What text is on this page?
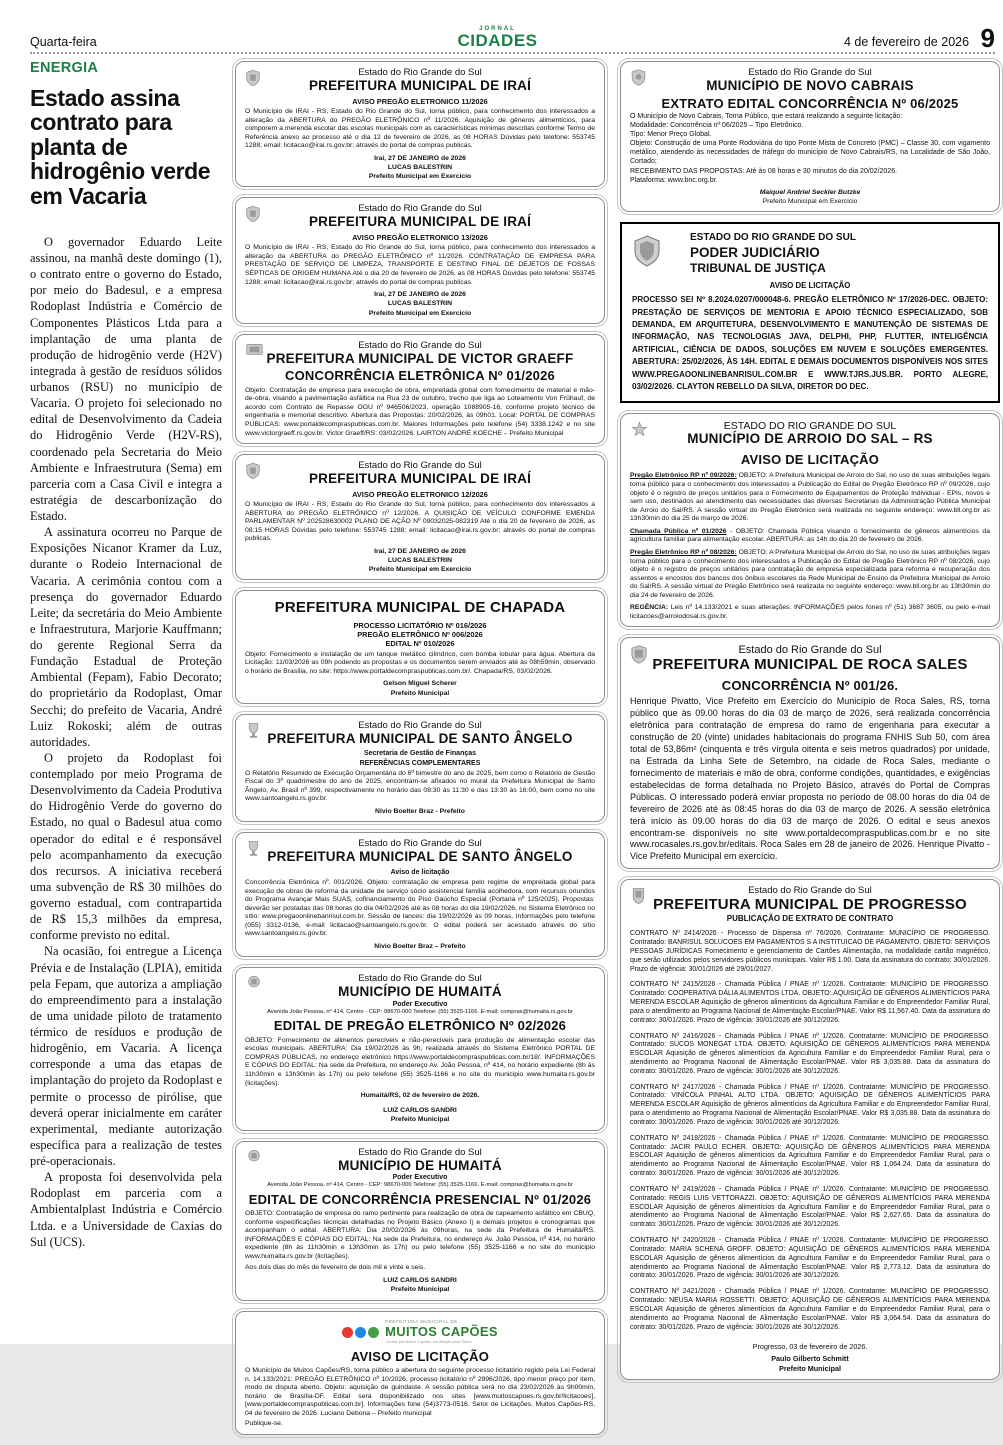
Quarta-feira
JORNAL
CIDADES	4 de fevereiro de 2026 9
ENERGIA
Estado assina contrato para planta de hidrogênio verde em Vacaria

O governador Eduardo Leite assinou, na manhã deste domingo (1), o contrato entre o governo do Estado, por meio do Badesul, e a empresa Rodoplast Indústria e Comércio de Componentes Plásticos Ltda para a implantação de uma planta de produção de hidrogênio verde (H2V) integrada à gestão de resíduos sólidos urbanos (RSU) no município de Vacaria. O projeto foi selecionado no edital de Desenvolvimento da Cadeia do Hidrogênio Verde (H2V-RS), coordenado pela Secretaria do Meio Ambiente e Infraestrutura (Sema) em parceria com a Casa Civil e integra a estratégia de descarbonização do Estado.

A assinatura ocorreu no Parque de Exposições Nicanor Kramer da Luz, durante o Rodeio Internacional de Vacaria. A cerimônia contou com a presença do governador Eduardo Leite; da secretária do Meio Ambiente e Infraestrutura, Marjorie Kauffmann; do gerente Regional Serra da Fundação Estadual de Proteção Ambiental (Fepam), Fabio Decorato; do proprietário da Rodoplast, Omar Secchi; do prefeito de Vacaria, André Luiz Rokoski; além de outras autoridades.

O projeto da Rodoplast foi contemplado por meio Programa de Desenvolvimento da Cadeia Produtiva do Hidrogênio Verde do governo do Estado, no qual o Badesul atua como operador do edital e é responsável pelo acompanhamento da execução dos recursos. A iniciativa receberá uma subvenção de R$ 30 milhões do governo estadual, com contrapartida de R$ 15,3 milhões da empresa, conforme previsto no edital.

Na ocasião, foi entregue a Licença Prévia e de Instalação (LPIA), emitida pela Fepam, que autoriza a ampliação do empreendimento para a instalação de uma unidade piloto de tratamento térmico de resíduos e produção de hidrogênio, em Vacaria. A licença corresponde a uma das etapas de implantação do projeto da Rodoplast e permite o processo de pirólise, que deverá operar inicialmente em caráter experimental, mediante autorização específica para a realização de testes pré-operacionais.

A proposta foi desenvolvida pela Rodoplast em parceria com a Ambientalplast Indústria e Comércio Ltda. e a Universidade de Caxias do Sul (UCS).

Estado do Rio Grande do Sul
PREFEITURA MUNICIPAL DE IRAÍ
AVISO PREGÃO ELETRONICO 11/2026
O Município de IRAI - RS, Estado do Rio Grande do Sul, torna público, para conhecimento dos interessados a alteração da ABERTURA do PREGÃO ELETRÔNICO nº 11/2026. Aquisição de gêneros alimentícios, para comporem a merenda escolar das escolas municipais com as características mínimas descritas conforme Termo de Referência anexo ao processo até o dia 12 de fevereiro de 2026, as 08 HORAS Dúvidas pelo telefone: 553745 1288; email: licitacao@irai.rs.gov.br; através do portal de compras publicas.
Irai, 27 DE JANEIRO de 2026
LUCAS BALESTRIN
Prefeito Municipal em Exercicio
Estado do Rio Grande do Sul
PREFEITURA MUNICIPAL DE IRAÍ
AVISO PREGÃO ELETRONICO 13/2026
O Município de IRAI - RS, Estado do Rio Grande do Sul, torna público, para conhecimento dos interessados a alteração da ABERTURA do PREGÃO ELETRÔNICO nº 11/2026. CONTRATAÇÃO DE EMPRESA PARA PRESTAÇÃO DE SERVIÇO DE LIMPEZA, TRANSPORTE E DESTINO FINAL DE DEJETOS DE FOSSAS SÉPTICAS DE ORIGEM HUMANA Até o dia 20 de fevereiro de 2026, as 08 HORAS Dúvidas pelo telefone: 553745 1288; email: licitacao@irai.rs.gov.br; através do portal de compras publicas.
Irai, 27 DE JANEIRO de 2026
LUCAS BALESTRIN
Prefeito Municipal em Exercicio
Estado do Rio Grande do Sul
PREFEITURA MUNICIPAL DE VICTOR GRAEFF
CONCORRÊNCIA ELETRÔNICA Nº 01/2026
Objeto: Contratação de empresa para execução de obra, empreitada global com fornecimento de material e mão-de-obra, visando a pavimentação asfáltica na Rua 23 de outubro, trecho que liga ao Loteamento Von Frühauf, de acordo com Contrato de Repasse OGU nº 946506/2023, operação 1088905-16, conforme projeto técnico de engenharia e memorial descritivo. Abertura das Propostas: 20/02/2026, às 09h01. Local: PORTAL DE COMPRAS PÚBLICAS: www.portaldecompraspublicas.com.br. Maiores Informações pelo telefone (54) 3338.1242 e no site www.victorgraeff.rs.gov.br. Victor Graeff/RS: 03/02/2026. LAIRTON ANDRÉ KOECHE – Prefeito Municipal
Estado do Rio Grande do Sul
PREFEITURA MUNICIPAL DE IRAÍ
AVISO PREGÃO ELETRONICO 12/2026
O Município de IRAI - RS, Estado do Rio Grande do Sul, torna público, para conhecimento dos interessados a ABERTURA do PREGÃO ELETRÔNICO nº 12/2026. A QUISIÇÃO DE VEÍCULO CONFORME EMENDA PARLAMENTAR Nº 202528630002 PLANO DE AÇÃO Nº 09032025-082319 Até o dia 20 de fevereiro de 2026, as 08:15 HORAS Dúvidas pelo telefone: 553745 1288; email: licitacao@irai.rs.gov.br; através do portal de compras publicas.
Irai, 27 DE JANEIRO de 2026
LUCAS BALESTRIN
Prefeito Municipal em Exercicio
PREFEITURA MUNICIPAL DE CHAPADA
PROCESSO LICITATÓRIO Nº 016/2026
PREGÃO ELETRÔNICO Nº 006/2026
EDITAL Nº 010/2026
Objeto: Fornecimento e instalação de um tanque metálico cilíndrico, com bomba lobular para água. Abertura da Licitação: 11/03/2026 as 09h podendo as propostas e os documentos serem enviados até às 08h59min, observado o horário de Brasília, no site: https://www.portaldecompraspublicas.com.br/. Chapada/RS, 03/02/2026.
Gelson Miguel Scherer
Prefeito Municipal
Estado do Rio Grande do Sul
PREFEITURA MUNICIPAL DE SANTO ÂNGELO
Secretaria de Gestão de Finanças
REFERÊNCIAS COMPLEMENTARES
O Relatório Resumido de Execução Orçamentária do 6º bimestre do ano de 2025, bem como o Relatório de Gestão Fiscal do 3º quadrimestre do ano de 2025, encontram-se afixados no mural da Prefeitura Municipal de Santo Ângelo, Av. Brasil nº 399, respectivamente no horário das 08:30 às 11:30 e das 13:30 às 16:00, bem como no site www.santoangelo.rs.gov.br.
Nivio Boelter Braz - Prefeito
Estado do Rio Grande do Sul
PREFEITURA MUNICIPAL DE SANTO ÂNGELO
Aviso de licitação
Concorrência Eletrônica nº. 001/2026. Objeto: contratação de empresa pelo regime de empreitada global para execução de obras de reforma da unidade de serviço sócio assistencial família acolhedora, com recursos oriundos do Programa Avançar Mais SUAS, cofinanciamento do Piso Gaúcho Especial (Portaria nº 125/2025). Propostas: deverão ser postadas das 08 horas do dia 04/02/2026 até às 08 horas do dia 19/02/2026, no Sistema Eletrônico no sítio: www.pregaoonlinebanrisul.com.br. Sessão de lances: dia 19/02/2026 às 09 horas. Informações pelo telefone (055) 3312-0136, e-mail licitacao@santoangelo.rs.gov.br. O edital poderá ser acessado através do sítio www.santoangelo.rs.gov.br.
Nivio Boelter Braz – Prefeito
Estado do Rio Grande do Sul
MUNICÍPIO DE HUMAITÁ
Poder Executivo
Avenida João Pessoa, nº 414, Centro - CEP: 98670-000 Telefone: (55) 3525-1166. E-mail: compras@humaita.rs.gov.br
EDITAL DE PREGÃO ELETRÔNICO Nº 02/2026
OBJETO: Fornecimento de alimentos perecíveis e não-perecíveis para produção de alimentação escolar das escolas municipais. ABERTURA: Dia 19/02/2026 às 9h, realizada através do Sistema Eletrônico PORTAL DE COMPRAS PÚBLICAS, no endereço eletrônico https://www.portaldecompraspublicas.com.br/18/. INFORMAÇÕES E CÓPIAS DO EDITAL: Na sede da Prefeitura, no endereço Av. João Pessoa, nº 414, no horário expediente (8h às 11h30min e 13h30min às 17h) ou pelo telefone (55) 3525-1166 e no site do municipio www.humaita.rs.gov.br (licitações).
Humaitá/RS, 02 de fevereiro de 2026.
LUIZ CARLOS SANDRI
Prefeito Municipal
Estado do Rio Grande do Sul
MUNICÍPIO DE HUMAITÁ
Poder Executivo
Avenida João Pessoa, nº 414, Centro - CEP: 98670-000 Telefone: (55) 3525-1166. E-mail: compras@humaita.rs.gov.br
EDITAL DE CONCORRÊNCIA PRESENCIAL Nº 01/2026
OBJETO: Contratação de empresa do ramo pertinente para realização de obra de capeamento asfáltico em CBUQ, conforme especificações técnicas detalhadas no Projeto Básico (Anexo I) e demais projetos e cronogramas que acompanham o edital. ABERTURA: Dia 20/02/2026 às 09horas, na sede da Prefeitura de Humaitá/RS. INFORMAÇÕES E CÓPIAS DO EDITAL: Na sede da Prefeitura, no endereço Av. João Pessoa, nº 414, no horário expediente (8h às 11h30min e 13h30min às 17h) ou pelo telefone (55) 3525-1166 e no site do municipio www.humaita.rs.gov.br (licitações).
Aos dois dias do mês de fevereiro de dois mil e vinte e seis.
LUIZ CARLOS SANDRI
Prefeito Municipal
PREFEITURA MUNICIPAL DE
MUITOS CAPÕES
"Juntos por Muitos Capões, em direção para Todos"
AVISO DE LICITAÇÃO
O Município de Muitos Capões/RS, torna público a abertura do seguinte processo licitatório regido pela Lei Federal n. 14.133/2021: PREGÃO ELETRÔNICO nº 10/2026, processo licitatório nº 2996/2026, tipo menor preço por item, modo de disputa aberto. Objeto: aquisição de guindaste. A sessão pública será no dia 23/02/2026 às 9h00min, horário de Brasília-DF. Edital será disponibilizado nos sites [www.muitoscapoes.rs.gov.br/licitacoes], [www.portaldecompraspublicas.com.br]. Informações fone (54)3773-0516. Setor de Licitações. Muitos Capões-RS, 04 de fevereiro de 2026. Luciano Debona – Prefeito municipal
Publique-se.
Estado do Rio Grande do Sul
MUNICÍPIO DE NOVO CABRAIS
EXTRATO EDITAL CONCORRÊNCIA Nº 06/2025
O Município de Novo Cabrais, Torna Público, que estará realizando a seguinte licitação:
Modalidade: Concorrência nº 06/2025 – Tipo Eletrônico.
Tipo: Menor Preço Global.
Objeto: Construção de uma Ponte Rodoviária do tipo Ponte Mista de Concreto (PMC) – Classe 30, com vigamento metálico, atendendo às necessidades de tráfego do município de Novo Cabrais/RS, na Localidade de São João, Cortado;
RECEBIMENTO DAS PROPOSTAS: Até às 08 horas e 30 minutos do dia 20/02/2026.
Plataforma: www.bnc.org.br.
Maiquel Andriel Seckler Butzke
Prefeito Municipal em Exercicio
ESTADO DO RIO GRANDE DO SUL
PODER JUDICIÁRIO
TRIBUNAL DE JUSTIÇA
AVISO DE LICITAÇÃO
PROCESSO SEI Nº 8.2024.0207/000048-6. PREGÃO ELETRÔNICO Nº 17/2026-DEC. OBJETO: PRESTAÇÃO DE SERVIÇOS DE MENTORIA E APOIO TÉCNICO ESPECIALIZADO, SOB DEMANDA, EM ARQUITETURA, DESENVOLVIMENTO E MANUTENÇÃO DE SISTEMAS DE INFORMAÇÃO, NAS TECNOLOGIAS JAVA, DELPHI, PHP, FLUTTER, INTELIGÊNCIA ARTIFICIAL, CIÊNCIA DE DADOS, SOLUÇÕES EM NUVEM E SOLUÇÕES EMERGENTES. ABERTURA: 25/02/2026, ÀS 14H. EDITAL E DEMAIS DOCUMENTOS DISPONÍVEIS NOS SITES WWW.PREGAOONLINEBANRISUL.COM.BR E WWW.TJRS.JUS.BR. PORTO ALEGRE, 03/02/2026. CLAYTON REBELLO DA SILVA, DIRETOR DO DEC.
ESTADO DO RIO GRANDE DO SUL
MUNICÍPIO DE ARROIO DO SAL – RS
AVISO DE LICITAÇÃO

Pregão Eletrônico RP nº 09/2026: OBJETO: A Prefeitura Municipal de Arroio do Sal, no uso de suas atribuições legais torna público para o conhecimento dos interessados a Publicação do Edital de Pregão Eletrônico RP nº 09/2026, cujo objeto é o registro de preços unitários para o Fornecimento de Equipamentos de Proteção Individual - EPIs, novos e sem uso, destinados ao atendimento das necessidades das diversas Secretarias da Administração Pública Municipal de Arroio do Sal/RS. A sessão virtual do Pregão Eletrônico será realizada no seguinte endereço: www.bll.org.br as 13h30min do dia 25 de março de 2026.

Chamada Pública nº 01/2026 - OBJETO: Chamada Pública visando o fornecimento de gêneros alimentícios da agricultura familiar para alimentação escolar. ABERTURA: as 14h do dia 20 de fevereiro de 2026.

Pregão Eletrônico RP nº 08/2026: OBJETO: A Prefeitura Municipal de Arroio do Sal, no uso de suas atribuições legais torna público para o conhecimento dos interessados a Publicação do Edital de Pregão Eletrônico RP nº 08/2026, cujo objeto é o registro de preços unitários para contratação de empresa especializada para reforma e recuperação dos assentos e encostos dos bancos dos ônibus escolares da Rede Municipal de Ensino da Prefeitura Municipal de Arroio do Sal/RS. A sessão virtual do Pregão Eletrônico será realizada no seguinte endereço: www.bll.org.br as 13h30min do dia 24 de fevereiro de 2026.

REGÊNCIA: Leis nº 14.133/2021 e suas alterações. INFORMAÇÕES pelos fones nº (51) 3687 3605, ou pelo e-mail licitacoes@arroiodosal.rs.gov.br.

Estado do Rio Grande do Sul
PREFEITURA MUNICIPAL DE ROCA SALES
CONCORRÊNCIA Nº 001/26.
Henrique Pivatto, Vice Prefeito em Exercício do Município de Roca Sales, RS, torna público que às 09.00 horas do dia 03 de março de 2026, será realizada concorrência eletrônica para contratação de empresa do ramo de engenharia para executar a construção de 20 (vinte) unidades habitacionais do programa FNHIS Sub 50, com área total de 53,86m² (cinquenta e três vírgula oitenta e seis metros quadrados) por unidade, na Estrada da Linha Sete de Setembro, na cidade de Roca Sales, mediante o fornecimento de materiais e mão de obra, conforme condições, quantidades, e exigências estabelecidas de forma detalhada no Projeto Básico, através do Portal de Compras Públicas. O interessado poderá enviar proposta no período de 08.00 horas do dia 04 de fevereiro de 2026 até às 08:45 horas do dia 03 de março de 2026. A sessão eletrônica terá início às 09.00 horas do dia 03 de março de 2026. O edital e seus anexos encontram-se disponíveis no site www.portaldecompraspublicas.com.br e no site www.rocasales.rs.gov.br/editais. Roca Sales em 28 de janeiro de 2026. Henrique Pivatto - Vice Prefeito Municipal em exercício.
Estado do Rio Grande do Sul
PREFEITURA MUNICIPAL DE PROGRESSO
PUBLICAÇÃO DE EXTRATO DE CONTRATO

CONTRATO Nº 2414/2026 - Processo de Dispensa nº 76/2026. Contratante: MUNICÍPIO DE PROGRESSO. Contratado: BANRISUL SOLUCOES EM PAGAMENTOS S A INSTITUICAO DE PAGAMENTO. OBJETO: SERVIÇOS PESSOAS JURÍDICAS Fornecimento e gerenciamento de Cartões Alimentação, na modalidade cartão magnético, que serão utilizados pelos servidores públicos municipais. Valor R$ 1.00. Data da assinatura do contrato: 30/01/2026. Prazo de vigência: 30/01/2026 até 29/01/2027.

CONTRATO Nº 2415/2026 - Chamada Pública / PNAE nº 1/2026. Contratante: MUNICÍPIO DE PROGRESSO. Contratado: COOPERATIVA DÁLIA ALIMENTOS LTDA. OBJETO: AQUISIÇÃO DE GÊNEROS ALIMENTÍCIOS PARA MERENDA ESCOLAR Aquisição de gêneros alimentícios da Agricultura Familiar e do Empreendedor Familiar Rural, para o atendimento ao Programa Nacional de Alimentação Escolar/PNAE. Valor R$ 11,567.40. Data da assinatura do contrato: 30/01/2026. Prazo de vigência: 30/01/2026 até 30/12/2026.

CONTRATO Nº 2416/2026 - Chamada Pública / PNAE nº 1/2026. Contratante: MUNICÍPIO DE PROGRESSO. Contratado: SUCOS MONEGAT LTDA. OBJETO: AQUISIÇÃO DE GÊNEROS ALIMENTÍCIOS PARA MERENDA ESCOLAR Aquisição de gêneros alimentícios da Agricultura Familiar e do Empreendedor Familiar Rural, para o atendimento ao Programa Nacional de Alimentação Escolar/PNAE. Valor R$ 3,035.88. Data da assinatura do contrato: 30/01/2026. Prazo de vigência: 30/01/2026 até 30/12/2026.

CONTRATO Nº 2417/2026 - Chamada Pública / PNAE nº 1/2026. Contratante: MUNICÍPIO DE PROGRESSO. Contratado: VINÍCOLA PINHAL ALTO LTDA. OBJETO: AQUISIÇÃO DE GÊNEROS ALIMENTÍCIOS PARA MERENDA ESCOLAR Aquisição de gêneros alimentícios da Agricultura Familiar e do Empreendedor Familiar Rural, para o atendimento ao Programa Nacional de Alimentação Escolar/PNAE. Valor R$ 3,035.88. Data da assinatura do contrato: 30/01/2026. Prazo de vigência: 30/01/2026 até 30/12/2026.

CONTRATO Nº 2418/2026 - Chamada Pública / PNAE nº 1/2026. Contratante: MUNICÍPIO DE PROGRESSO. Contratado: JACIR PAULO ECHER. OBJETO: AQUISIÇÃO DE GÊNEROS ALIMENTÍCIOS PARA MERENDA ESCOLAR Aquisição de gêneros alimentícios da Agricultura Familiar e do Empreendedor Familiar Rural, para o atendimento ao Programa Nacional de Alimentação Escolar/PNAE. Valor R$ 1,064.24. Data da assinatura do contrato: 30/01/2026. Prazo de vigência: 30/01/2026 até 30/12/2026.

CONTRATO Nº 2419/2026 - Chamada Pública / PNAE nº 1/2026. Contratante: MUNICÍPIO DE PROGRESSO. Contratado: REGIS LUIS VETTORAZZI. OBJETO: AQUISIÇÃO DE GÊNEROS ALIMENTÍCIOS PARA MERENDA ESCOLAR Aquisição de gêneros alimentícios da Agricultura Familiar e do Empreendedor Familiar Rural, para o atendimento ao Programa Nacional de Alimentação Escolar/PNAE. Valor R$ 2,627.65. Data da assinatura do contrato: 30/01/2026. Prazo de vigência: 30/01/2026 até 30/12/2026.

CONTRATO Nº 2420/2026 - Chamada Pública / PNAE nº 1/2026. Contratante: MUNICÍPIO DE PROGRESSO. Contratado: MARIA SCHENA GROFF. OBJETO: AQUISIÇÃO DE GÊNEROS ALIMENTÍCIOS PARA MERENDA ESCOLAR Aquisição de gêneros alimentícios da Agricultura Familiar e do Empreendedor Familiar Rural, para o atendimento ao Programa Nacional de Alimentação Escolar/PNAE. Valor R$ 2,773.12. Data da assinatura do contrato: 30/01/2026. Prazo de vigência: 30/01/2026 até 30/12/2026.

CONTRATO Nº 2421/2026 - Chamada Pública / PNAE nº 1/2026. Contratante: MUNICÍPIO DE PROGRESSO. Contratado: NEUSA MARIA ROSSETTI. OBJETO: AQUISIÇÃO DE GÊNEROS ALIMENTÍCIOS PARA MERENDA ESCOLAR Aquisição de gêneros alimentícios da Agricultura Familiar e do Empreendedor Familiar Rural, para o atendimento ao Programa Nacional de Alimentação Escolar/PNAE. Valor R$ 3,064.54. Data da assinatura do contrato: 30/01/2026. Prazo de vigência: 30/01/2026 até 30/12/2026.

Progresso, 03 de fevereiro de 2026.
Paulo Gilberto Schmitt
Prefeito Municipal
